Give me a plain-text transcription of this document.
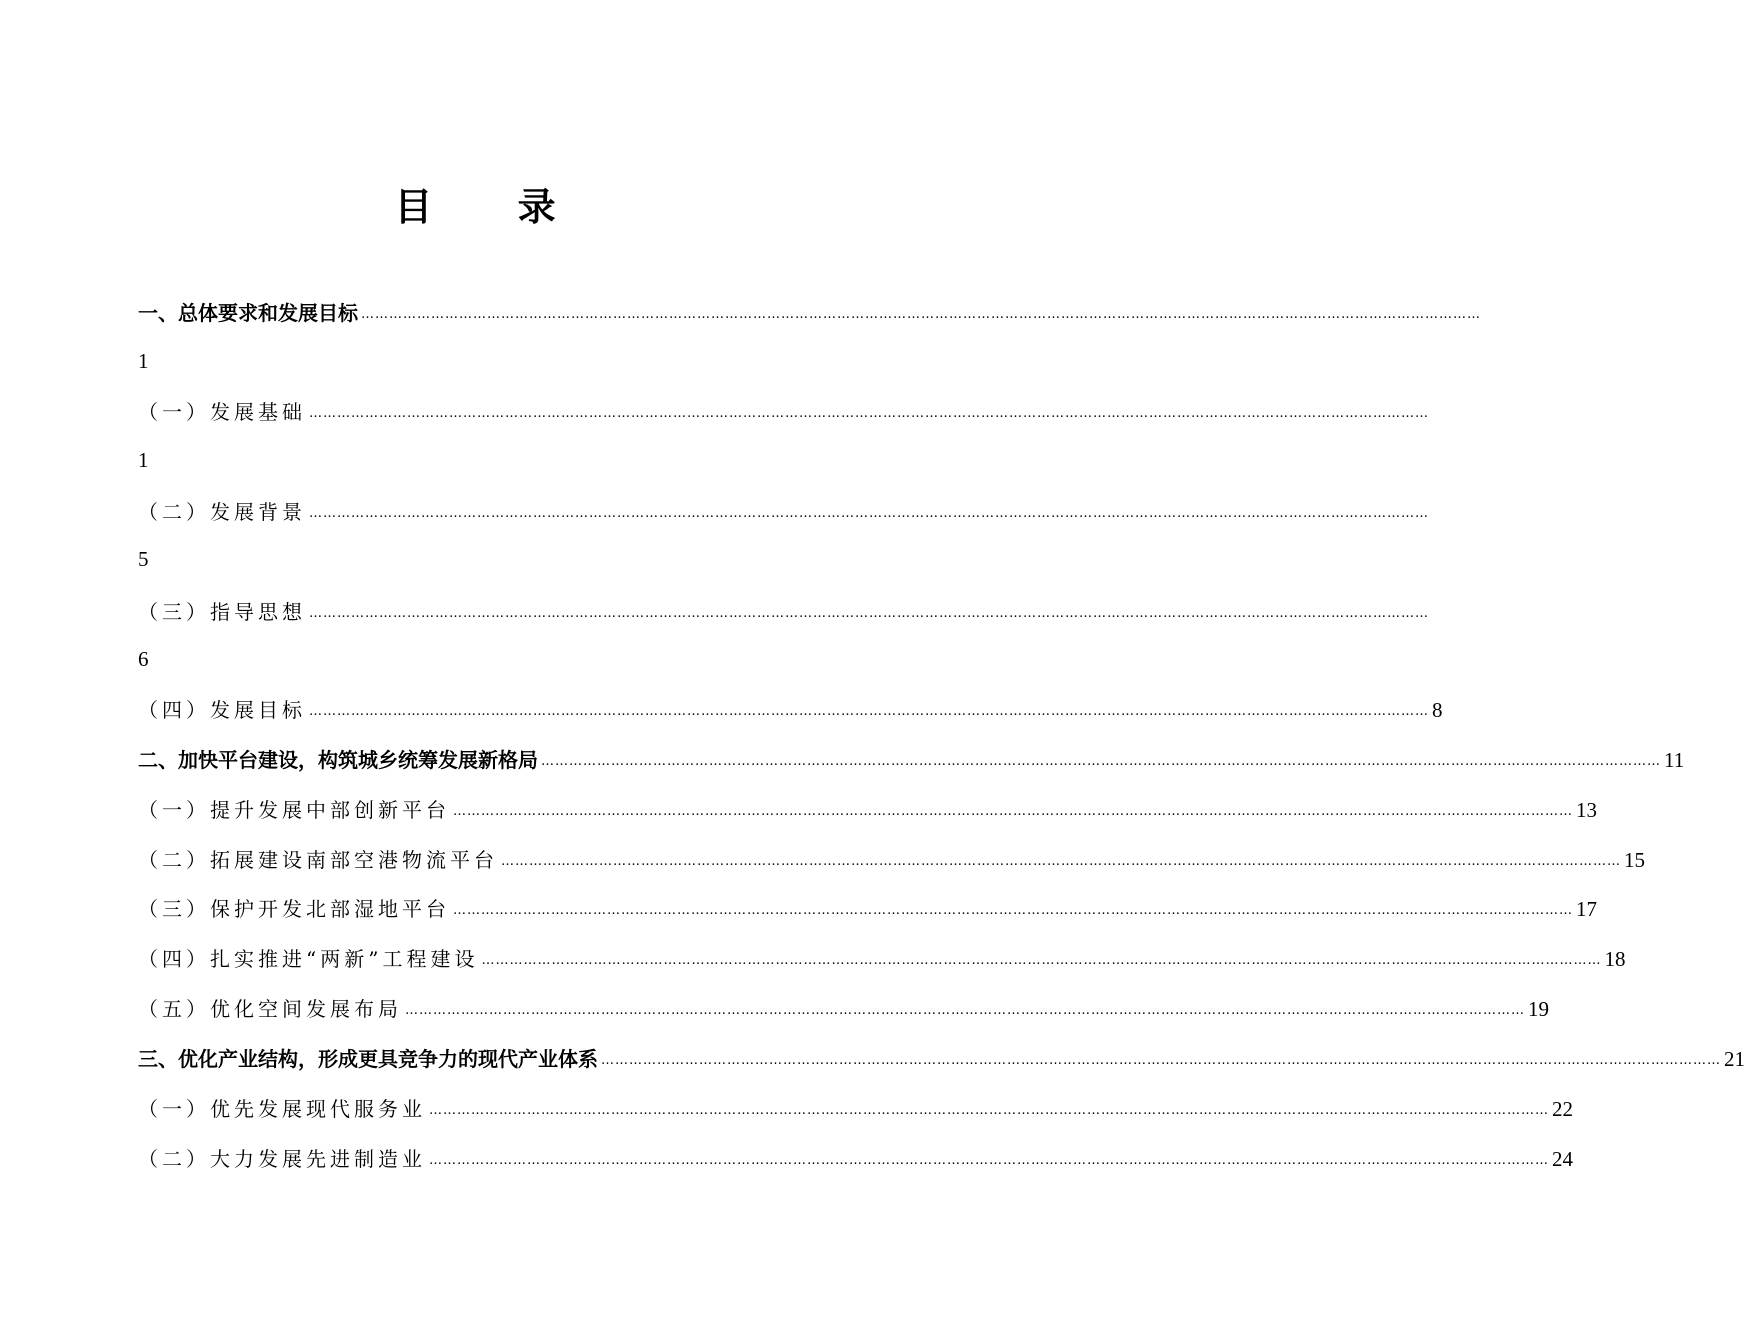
目 录
一、总体要求和发展目标 ……………………………………………………………………………………………………………………………………………………………………………………………………………………
1
（一）发展基础 ……………………………………………………………………………………………………………………………………………………………………………………………………………………
1
（二）发展背景 ……………………………………………………………………………………………………………………………………………………………………………………………………………………
5
（三）指导思想 ……………………………………………………………………………………………………………………………………………………………………………………………………………………
6
（四）发展目标 …………………………………………………………………………………………………………………………………………………………………………………………………………………… 8
二、加快平台建设，构筑城乡统筹发展新格局 …………………………………………………………………………………………………………………………………………………………………………………………………………………… 11
（一）提升发展中部创新平台 …………………………………………………………………………………………………………………………………………………………………………………………………………………… 13
（二）拓展建设南部空港物流平台 …………………………………………………………………………………………………………………………………………………………………………………………………………………… 15
（三）保护开发北部湿地平台 …………………………………………………………………………………………………………………………………………………………………………………………………………………… 17
（四）扎实推进“两新”工程建设 …………………………………………………………………………………………………………………………………………………………………………………………………………………… 18
（五）优化空间发展布局 …………………………………………………………………………………………………………………………………………………………………………………………………………………… 19
三、优化产业结构，形成更具竞争力的现代产业体系 …………………………………………………………………………………………………………………………………………………………………………………………………………………… 21
（一）优先发展现代服务业 …………………………………………………………………………………………………………………………………………………………………………………………………………………… 22
（二）大力发展先进制造业 …………………………………………………………………………………………………………………………………………………………………………………………………………………… 24
